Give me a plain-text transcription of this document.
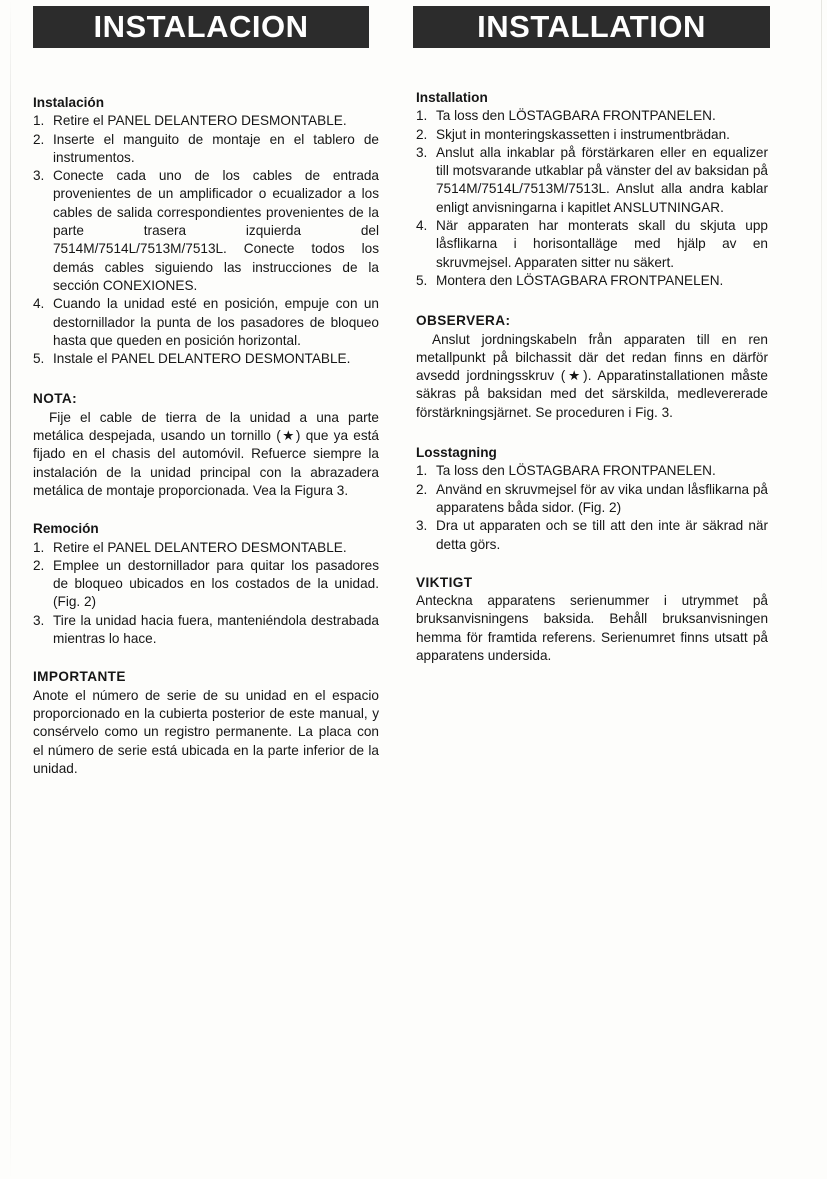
INSTALACION	INSTALLATION
Instalación
1. Retire el PANEL DELANTERO DESMONTABLE.
2. Inserte el manguito de montaje en el tablero de instrumentos.
3. Conecte cada uno de los cables de entrada provenientes de un amplificador o ecualizador a los cables de salida correspondientes provenientes de la parte trasera izquierda del 7514M/7514L/7513M/7513L. Conecte todos los demás cables siguiendo las instrucciones de la sección CONEXIONES.
4. Cuando la unidad esté en posición, empuje con un destornillador la punta de los pasadores de bloqueo hasta que queden en posición horizontal.
5. Instale el PANEL DELANTERO DESMONTABLE.
NOTA:

Fije el cable de tierra de la unidad a una parte metálica despejada, usando un tornillo (★) que ya está fijado en el chasis del automóvil. Refuerce siempre la instalación de la unidad principal con la abrazadera metálica de montaje proporcionada. Vea la Figura 3.

Remoción
1. Retire el PANEL DELANTERO DESMONTABLE.
2. Emplee un destornillador para quitar los pasadores de bloqueo ubicados en los costados de la unidad. (Fig. 2)
3. Tire la unidad hacia fuera, manteniéndola destrabada mientras lo hace.
IMPORTANTE

Anote el número de serie de su unidad en el espacio proporcionado en la cubierta posterior de este manual, y consérvelo como un registro permanente. La placa con el número de serie está ubicada en la parte inferior de la unidad.

Installation
1. Ta loss den LÖSTAGBARA FRONTPANELEN.
2. Skjut in monteringskassetten i instrumentbrädan.
3. Anslut alla inkablar på förstärkaren eller en equalizer till motsvarande utkablar på vänster del av baksidan på 7514M/7514L/7513M/7513L. Anslut alla andra kablar enligt anvisningarna i kapitlet ANSLUTNINGAR.
4. När apparaten har monterats skall du skjuta upp låsflikarna i horisontalläge med hjälp av en skruvmejsel. Apparaten sitter nu säkert.
5. Montera den LÖSTAGBARA FRONTPANELEN.
OBSERVERA:

Anslut jordningskabeln från apparaten till en ren metallpunkt på bilchassit där det redan finns en därför avsedd jordningsskruv (★). Apparatinstallationen måste säkras på baksidan med det särskilda, medlevererade förstärkningsjärnet. Se proceduren i Fig. 3.

Losstagning
1. Ta loss den LÖSTAGBARA FRONTPANELEN.
2. Använd en skruvmejsel för av vika undan låsflikarna på apparatens båda sidor. (Fig. 2)
3. Dra ut apparaten och se till att den inte är säkrad när detta görs.
VIKTIGT

Anteckna apparatens serienummer i utrymmet på bruksanvisningens baksida. Behåll bruksanvisningen hemma för framtida referens. Serienumret finns utsatt på apparatens undersida.
